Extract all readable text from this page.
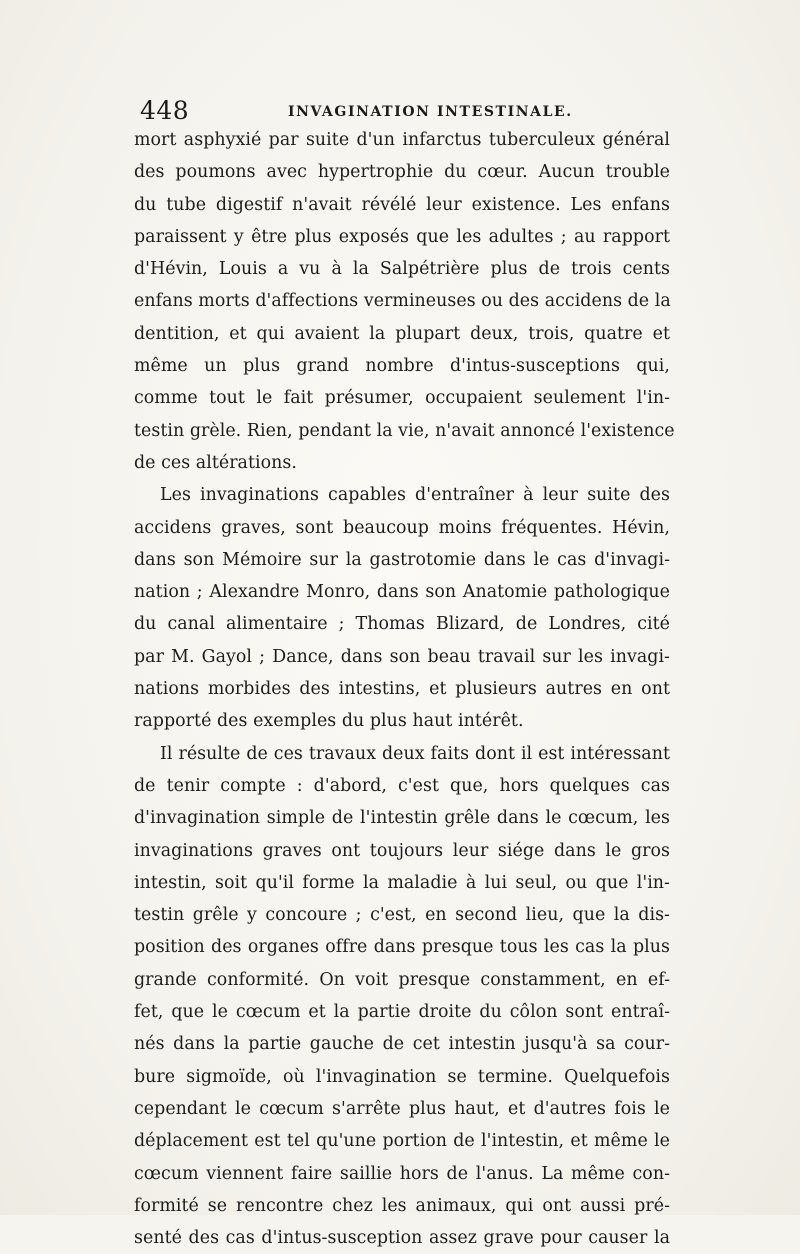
448	INVAGINATION INTESTINALE.
mort asphyxié par suite d'un infarctus tuberculeux général
des poumons avec hypertrophie du cœur. Aucun trouble
du tube digestif n'avait révélé leur existence. Les enfans
paraissent y être plus exposés que les adultes ; au rapport
d'Hévin, Louis a vu à la Salpétrière plus de trois cents
enfans morts d'affections vermineuses ou des accidens de la
dentition, et qui avaient la plupart deux, trois, quatre et
même un plus grand nombre d'intus-susceptions qui,
comme tout le fait présumer, occupaient seulement l'in-
testin grèle. Rien, pendant la vie, n'avait annoncé l'existence
de ces altérations.
Les invaginations capables d'entraîner à leur suite des
accidens graves, sont beaucoup moins fréquentes. Hévin,
dans son Mémoire sur la gastrotomie dans le cas d'invagi-
nation ; Alexandre Monro, dans son Anatomie pathologique
du canal alimentaire ; Thomas Blizard, de Londres, cité
par M. Gayol ; Dance, dans son beau travail sur les invagi-
nations morbides des intestins, et plusieurs autres en ont
rapporté des exemples du plus haut intérêt.
Il résulte de ces travaux deux faits dont il est intéressant
de tenir compte : d'abord, c'est que, hors quelques cas
d'invagination simple de l'intestin grêle dans le cœcum, les
invaginations graves ont toujours leur siége dans le gros
intestin, soit qu'il forme la maladie à lui seul, ou que l'in-
testin grêle y concoure ; c'est, en second lieu, que la dis-
position des organes offre dans presque tous les cas la plus
grande conformité. On voit presque constamment, en ef-
fet, que le cœcum et la partie droite du côlon sont entraî-
nés dans la partie gauche de cet intestin jusqu'à sa cour-
bure sigmoïde, où l'invagination se termine. Quelquefois
cependant le cœcum s'arrête plus haut, et d'autres fois le
déplacement est tel qu'une portion de l'intestin, et même le
cœcum viennent faire saillie hors de l'anus. La même con-
formité se rencontre chez les animaux, qui ont aussi pré-
senté des cas d'intus-susception assez grave pour causer la
